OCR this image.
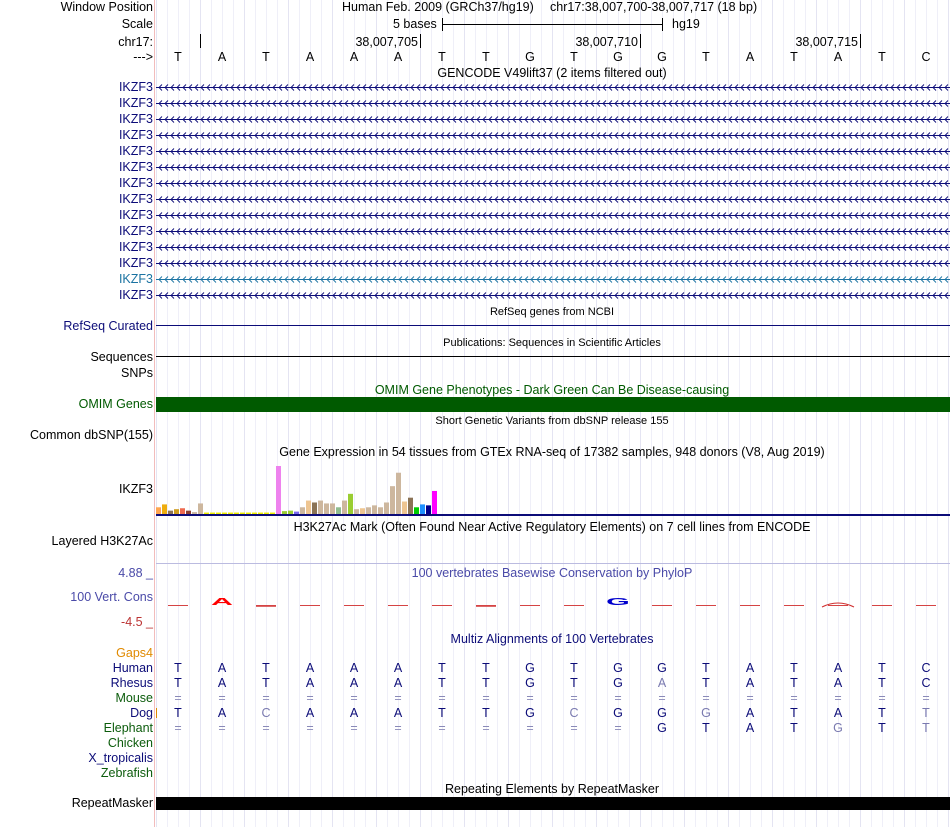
Window Position	Human Feb. 2009 (GRCh37/hg19) chr17:38,007,700-38,007,717 (18 bp)
Scale	5 bases	hg19
chr17:	38,007,705	38,007,710	38,007,715
--->	T	A	T	A	A	A	T	T	G	T	G	G	T	A	T	A	T	C
GENCODE V49lift37 (2 items filtered out)
IKZF3
IKZF3
IKZF3
IKZF3
IKZF3
IKZF3
IKZF3
IKZF3
IKZF3
IKZF3
IKZF3
IKZF3
IKZF3
IKZF3
RefSeq genes from NCBI
RefSeq Curated
Publications: Sequences in Scientific Articles
Sequences
SNPs
OMIM Gene Phenotypes - Dark Green Can Be Disease-causing
OMIM Genes
Short Genetic Variants from dbSNP release 155
Common dbSNP(155)
Gene Expression in 54 tissues from GTEx RNA-seq of 17382 samples, 948 donors (V8, Aug 2019)
IKZF3
H3K27Ac Mark (Often Found Near Active Regulatory Elements) on 7 cell lines from ENCODE
Layered H3K27Ac
100 vertebrates Basewise Conservation by PhyloP
4.88 _
100 Vert. Cons
-4.5 _
A	G
Multiz Alignments of 100 Vertebrates
Gaps4
Human	T	A	T	A	A	A	T	T	G	T	G	G	T	A	T	A	T	C
Rhesus	T	A	T	A	A	A	T	T	G	T	G	A	T	A	T	A	T	C
Mouse	=	=	=	=	=	=	=	=	=	=	=	=	=	=	=	=	=	=
Dog	T	A	C	A	A	A	T	T	G	C	G	G	G	A	T	A	T	T
Elephant	=	=	=	=	=	=	=	=	=	=	=	G	T	A	T	G	T	T
Chicken
X_tropicalis
Zebrafish
Repeating Elements by RepeatMasker
RepeatMasker
